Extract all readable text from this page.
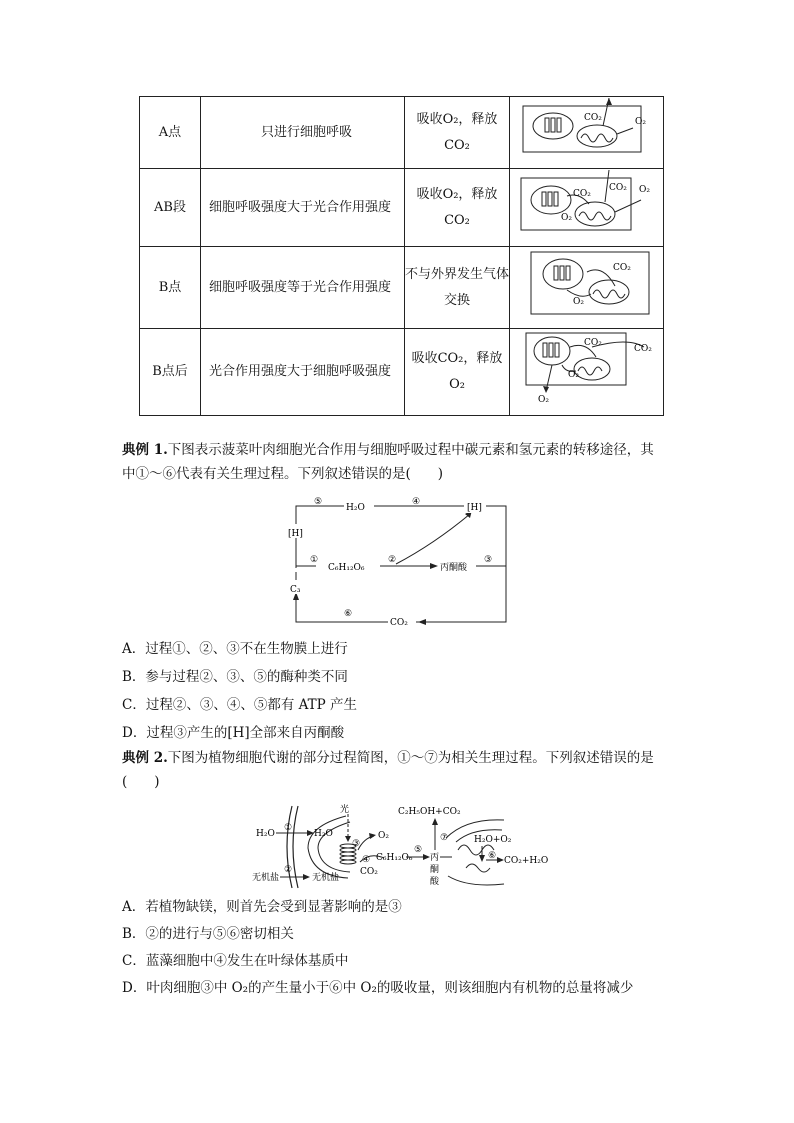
A点	只进行细胞呼吸	吸收O₂，释放CO₂	CO₂ O₂

AB段	细胞呼吸强度大于光合作用强度	吸收O₂，释放CO₂	CO₂
CO₂
O₂
O₂

B点	细胞呼吸强度等于光合作用强度	不与外界发生气体交换	CO₂
O₂

B点后	光合作用强度大于细胞呼吸强度	吸收CO₂，释放O₂	CO₂
CO₂
O₂
O₂
典例 1.下图表示菠菜叶肉细胞光合作用与细胞呼吸过程中碳元素和氢元素的转移途径，其
中①～⑥代表有关生理过程。下列叙述错误的是(　　)
H₂O
⑤	④
[H]
[H]
①
C₆H₁₂O₆
②
丙酮酸
③
C₃
⑥
CO₂
A．过程①、②、③不在生物膜上进行
B．参与过程②、③、⑤的酶种类不同
C．过程②、③、④、⑤都有 ATP 产生
D．过程③产生的[H]全部来自丙酮酸
典例 2.下图为植物细胞代谢的部分过程简图，①～⑦为相关生理过程。下列叙述错误的是
(　　)
光
H₂O
①
H₂O
无机盐
②
无机盐
③
O₂
④
CO₂
C₆H₁₂O₆
⑤
丙
酮
酸
⑦
C₂H₅OH+CO₂
H₂O+O₂
⑥ CO₂+H₂O
A．若植物缺镁，则首先会受到显著影响的是③
B．②的进行与⑤⑥密切相关
C．蓝藻细胞中④发生在叶绿体基质中
D．叶肉细胞③中 O₂的产生量小于⑥中 O₂的吸收量，则该细胞内有机物的总量将减少
